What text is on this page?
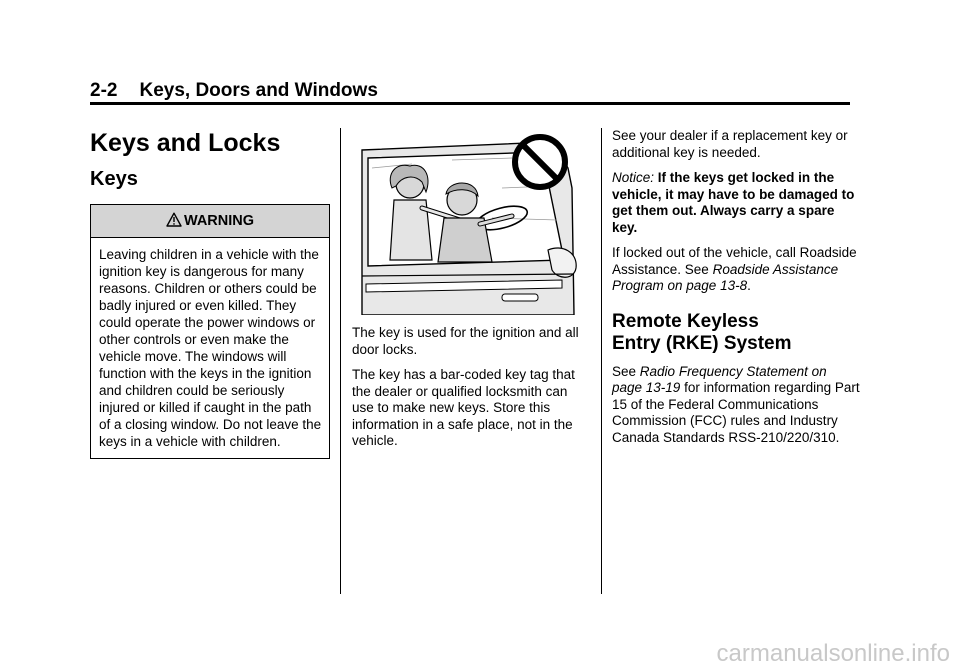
2-2 Keys, Doors and Windows
Keys and Locks
Keys
WARNING
Leaving children in a vehicle with the ignition key is dangerous for many reasons. Children or others could be badly injured or even killed. They could operate the power windows or other controls or even make the vehicle move. The windows will function with the keys in the ignition and children could be seriously injured or killed if caught in the path of a closing window. Do not leave the keys in a vehicle with children.

The key is used for the ignition and all door locks.

The key has a bar-coded key tag that the dealer or qualified locksmith can use to make new keys. Store this information in a safe place, not in the vehicle.

See your dealer if a replacement key or additional key is needed.

Notice: If the keys get locked in the vehicle, it may have to be damaged to get them out. Always carry a spare key.

If locked out of the vehicle, call Roadside Assistance. See Roadside Assistance Program on page 13-8.

Remote Keyless
Entry (RKE) System

See Radio Frequency Statement on page 13-19 for information regarding Part 15 of the Federal Communications Commission (FCC) rules and Industry Canada Standards RSS-210/220/310.

carmanualsonline.info
